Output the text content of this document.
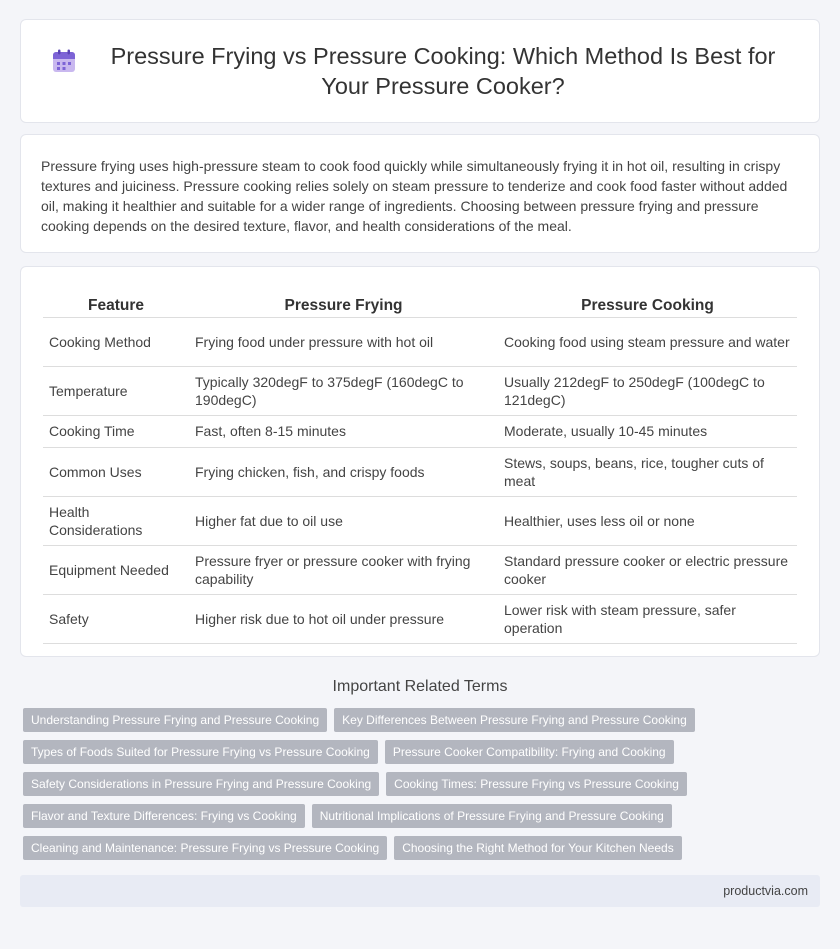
Pressure Frying vs Pressure Cooking: Which Method Is Best for Your Pressure Cooker?

Pressure frying uses high-pressure steam to cook food quickly while simultaneously frying it in hot oil, resulting in crispy textures and juiciness. Pressure cooking relies solely on steam pressure to tenderize and cook food faster without added oil, making it healthier and suitable for a wider range of ingredients. Choosing between pressure frying and pressure cooking depends on the desired texture, flavor, and health considerations of the meal.

Feature	Pressure Frying	Pressure Cooking
Cooking Method	Frying food under pressure with hot oil	Cooking food using steam pressure and water
Temperature	Typically 320degF to 375degF (160degC to 190degC)	Usually 212degF to 250degF (100degC to 121degC)
Cooking Time	Fast, often 8-15 minutes	Moderate, usually 10-45 minutes
Common Uses	Frying chicken, fish, and crispy foods	Stews, soups, beans, rice, tougher cuts of meat
Health Considerations	Higher fat due to oil use	Healthier, uses less oil or none
Equipment Needed	Pressure fryer or pressure cooker with frying capability	Standard pressure cooker or electric pressure cooker
Safety	Higher risk due to hot oil under pressure	Lower risk with steam pressure, safer operation
Important Related Terms
Understanding Pressure Frying and Pressure Cooking	Key Differences Between Pressure Frying and Pressure Cooking
Types of Foods Suited for Pressure Frying vs Pressure Cooking	Pressure Cooker Compatibility: Frying and Cooking
Safety Considerations in Pressure Frying and Pressure Cooking	Cooking Times: Pressure Frying vs Pressure Cooking
Flavor and Texture Differences: Frying vs Cooking	Nutritional Implications of Pressure Frying and Pressure Cooking
Cleaning and Maintenance: Pressure Frying vs Pressure Cooking	Choosing the Right Method for Your Kitchen Needs
productvia.com
